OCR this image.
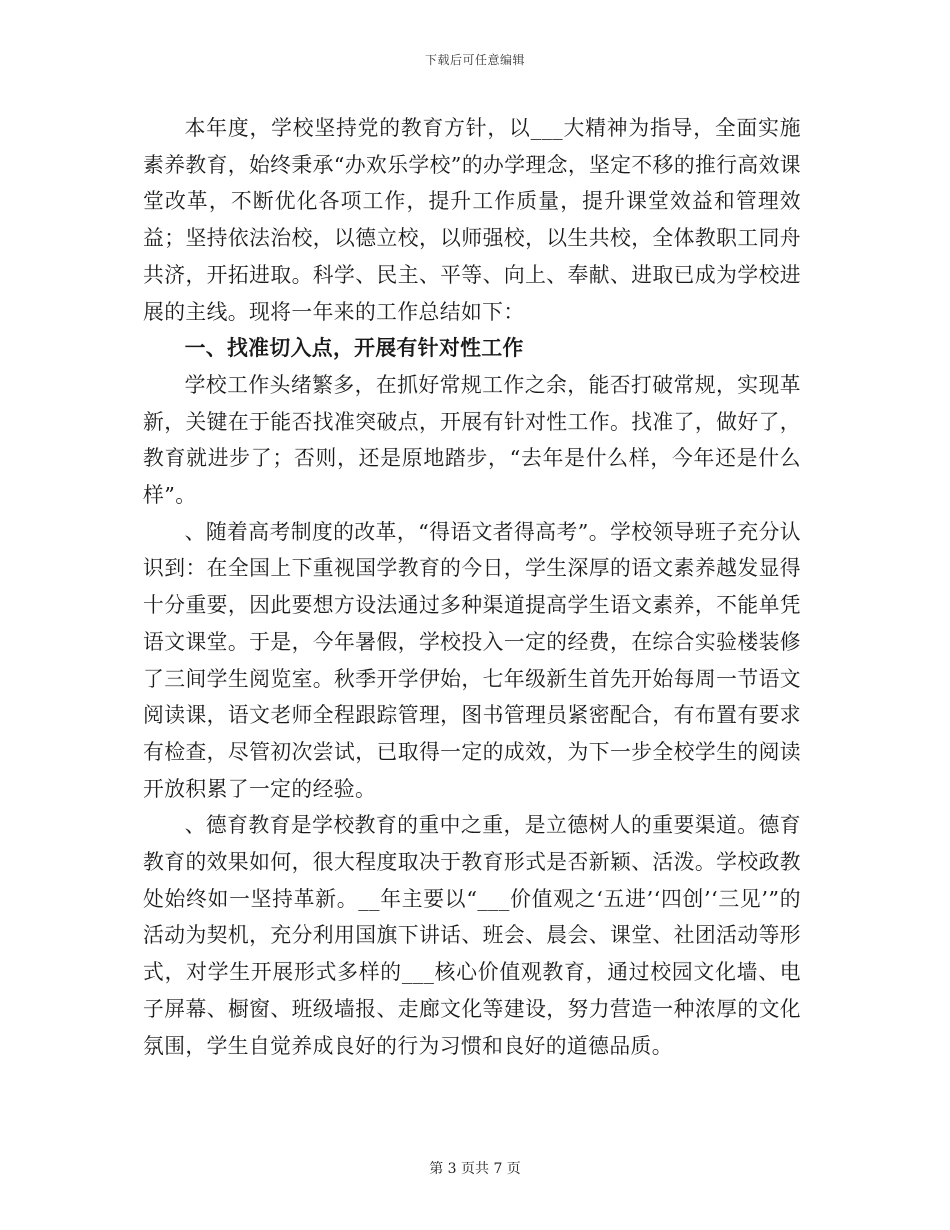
下载后可任意编辑

本年度，学校坚持党的教育方针，以___大精神为指导，全面实施素养教育，始终秉承“办欢乐学校”的办学理念，坚定不移的推行高效课堂改革，不断优化各项工作，提升工作质量，提升课堂效益和管理效益；坚持依法治校，以德立校，以师强校，以生共校，全体教职工同舟共济，开拓进取。科学、民主、平等、向上、奉献、进取已成为学校进展的主线。现将一年来的工作总结如下：

一、找准切入点，开展有针对性工作

学校工作头绪繁多，在抓好常规工作之余，能否打破常规，实现革新，关键在于能否找准突破点，开展有针对性工作。找准了，做好了，教育就进步了；否则，还是原地踏步，“去年是什么样，今年还是什么样”。

、随着高考制度的改革，“得语文者得高考”。学校领导班子充分认识到：在全国上下重视国学教育的今日，学生深厚的语文素养越发显得十分重要，因此要想方设法通过多种渠道提高学生语文素养，不能单凭语文课堂。于是，今年暑假，学校投入一定的经费，在综合实验楼装修了三间学生阅览室。秋季开学伊始，七年级新生首先开始每周一节语文阅读课，语文老师全程跟踪管理，图书管理员紧密配合，有布置有要求有检查，尽管初次尝试，已取得一定的成效，为下一步全校学生的阅读开放积累了一定的经验。

、德育教育是学校教育的重中之重，是立德树人的重要渠道。德育教育的效果如何，很大程度取决于教育形式是否新颖、活泼。学校政教处始终如一坚持革新。__年主要以“___价值观之‘五进’‘四创’‘三见’”的活动为契机，充分利用国旗下讲话、班会、晨会、课堂、社团活动等形式，对学生开展形式多样的___核心价值观教育，通过校园文化墙、电子屏幕、橱窗、班级墙报、走廊文化等建设，努力营造一种浓厚的文化氛围，学生自觉养成良好的行为习惯和良好的道德品质。

第 3 页共 7 页
